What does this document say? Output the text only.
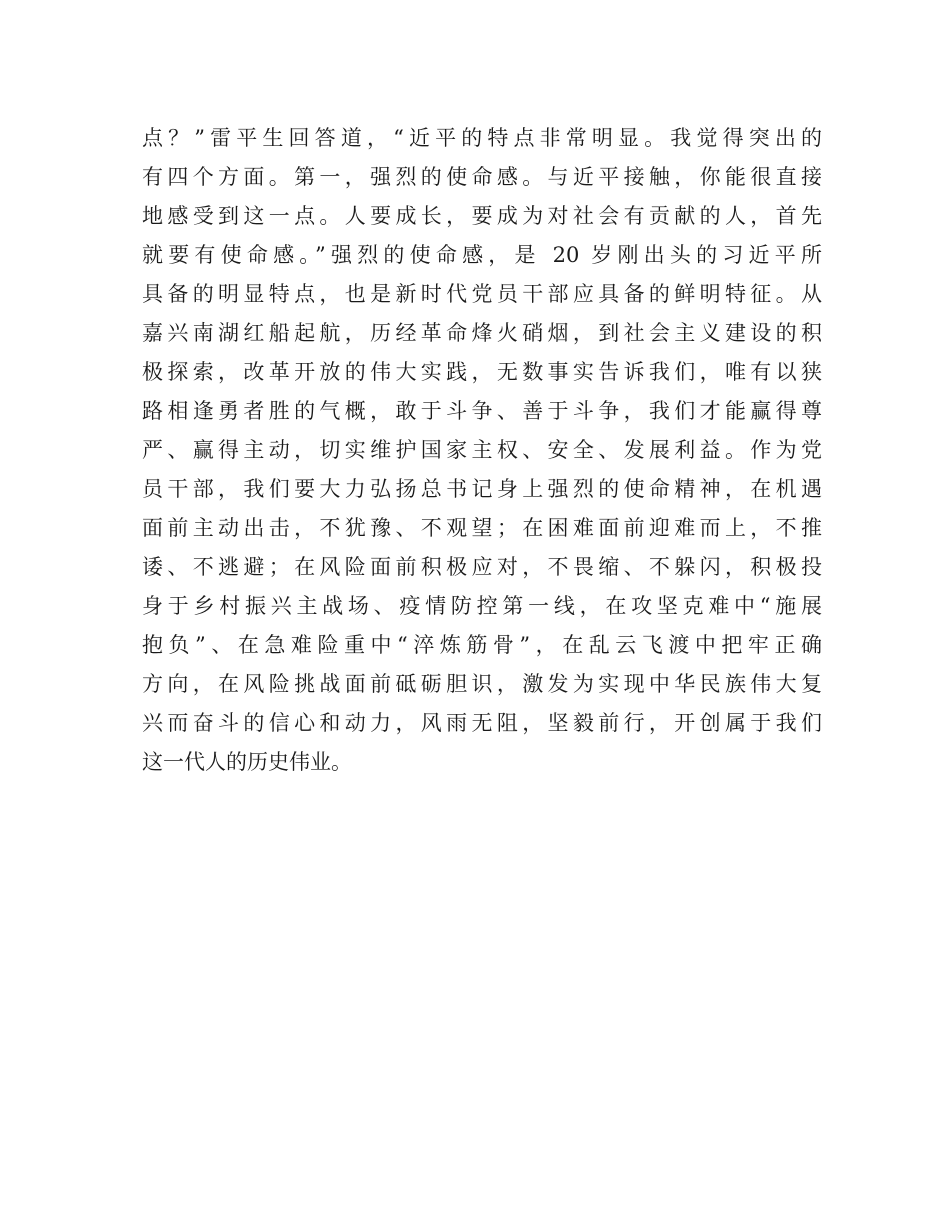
点？”雷平生回答道，“近平的特点非常明显。我觉得突出的
有四个方面。第一，强烈的使命感。与近平接触，你能很直接
地感受到这一点。人要成长，要成为对社会有贡献的人，首先
就要有使命感。”强烈的使命感，是 20 岁刚出头的习近平所
具备的明显特点，也是新时代党员干部应具备的鲜明特征。从
嘉兴南湖红船起航，历经革命烽火硝烟，到社会主义建设的积
极探索，改革开放的伟大实践，无数事实告诉我们，唯有以狭
路相逢勇者胜的气概，敢于斗争、善于斗争，我们才能赢得尊
严、赢得主动，切实维护国家主权、安全、发展利益。作为党
员干部，我们要大力弘扬总书记身上强烈的使命精神，在机遇
面前主动出击，不犹豫、不观望；在困难面前迎难而上，不推
诿、不逃避；在风险面前积极应对，不畏缩、不躲闪，积极投
身于乡村振兴主战场、疫情防控第一线，在攻坚克难中“施展
抱负”、在急难险重中“淬炼筋骨”，在乱云飞渡中把牢正确
方向，在风险挑战面前砥砺胆识，激发为实现中华民族伟大复
兴而奋斗的信心和动力，风雨无阻，坚毅前行，开创属于我们
这一代人的历史伟业。
